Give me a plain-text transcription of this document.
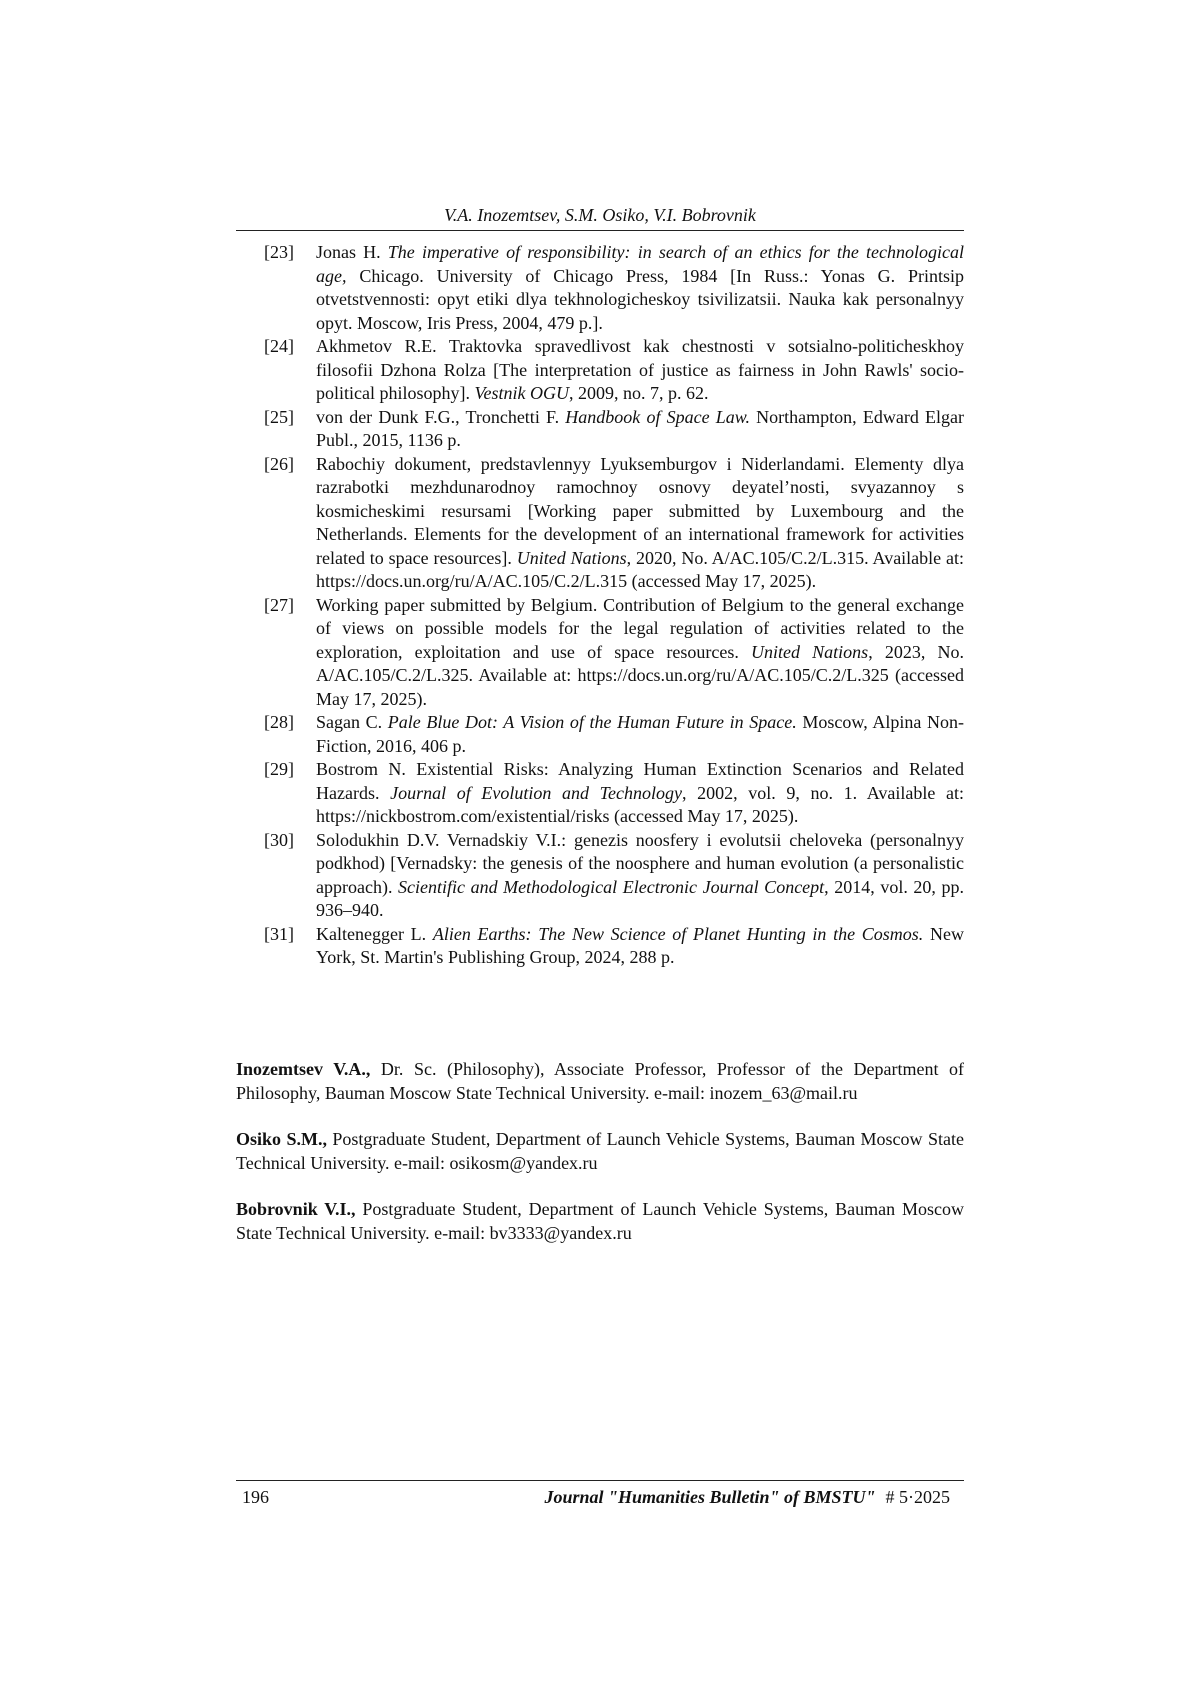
V.A. Inozemtsev, S.M. Osiko, V.I. Bobrovnik
[23]	Jonas H. The imperative of responsibility: in search of an ethics for the technological age, Chicago. University of Chicago Press, 1984 [In Russ.: Yonas G. Printsip otvetstvennosti: opyt etiki dlya tekhnologicheskoy tsivilizatsii. Nauka kak personalnyy opyt. Moscow, Iris Press, 2004, 479 p.].
[24]	Akhmetov R.E. Traktovka spravedlivost kak chestnosti v sotsialno-politicheskhoy filosofii Dzhona Rolza [The interpretation of justice as fairness in John Rawls' socio-political philosophy]. Vestnik OGU, 2009, no. 7, p. 62.
[25]	von der Dunk F.G., Tronchetti F. Handbook of Space Law. Northampton, Edward Elgar Publ., 2015, 1136 p.
[26]	Rabochiy dokument, predstavlennyy Lyuksemburgov i Niderlandami. Elementy dlya razrabotki mezhdunarodnoy ramochnoy osnovy deyatel’nosti, svyazannoy s kosmicheskimi resursami [Working paper submitted by Luxembourg and the Netherlands. Elements for the development of an international framework for activities related to space resources]. United Nations, 2020, No. A/AC.105/C.2/L.315. Available at: https://docs.un.org/ru/A/AC.105/C.2/L.315 (accessed May 17, 2025).
[27]	Working paper submitted by Belgium. Contribution of Belgium to the general exchange of views on possible models for the legal regulation of activities related to the exploration, exploitation and use of space resources. United Nations, 2023, No. A/AC.105/C.2/L.325. Available at: https://docs.un.org/ru/A/AC.105/C.2/L.325 (accessed May 17, 2025).
[28]	Sagan C. Pale Blue Dot: A Vision of the Human Future in Space. Moscow, Alpina Non-Fiction, 2016, 406 p.
[29]	Bostrom N. Existential Risks: Analyzing Human Extinction Scenarios and Related Hazards. Journal of Evolution and Technology, 2002, vol. 9, no. 1. Available at: https://nickbostrom.com/existential/risks (accessed May 17, 2025).
[30]	Solodukhin D.V. Vernadskiy V.I.: genezis noosfery i evolutsii cheloveka (personalnyy podkhod) [Vernadsky: the genesis of the noosphere and human evolution (a personalistic approach). Scientific and Methodological Electronic Journal Concept, 2014, vol. 20, pp. 936–940.
[31]	Kaltenegger L. Alien Earths: The New Science of Planet Hunting in the Cosmos. New York, St. Martin's Publishing Group, 2024, 288 p.

Inozemtsev V.A., Dr. Sc. (Philosophy), Associate Professor, Professor of the Department of Philosophy, Bauman Moscow State Technical University. e-mail: inozem_63@mail.ru

Osiko S.M., Postgraduate Student, Department of Launch Vehicle Systems, Bauman Moscow State Technical University. e-mail: osikosm@yandex.ru

Bobrovnik V.I., Postgraduate Student, Department of Launch Vehicle Systems, Bauman Moscow State Technical University. e-mail: bv3333@yandex.ru

196	Journal "Humanities Bulletin" of BMSTU" # 5·2025
